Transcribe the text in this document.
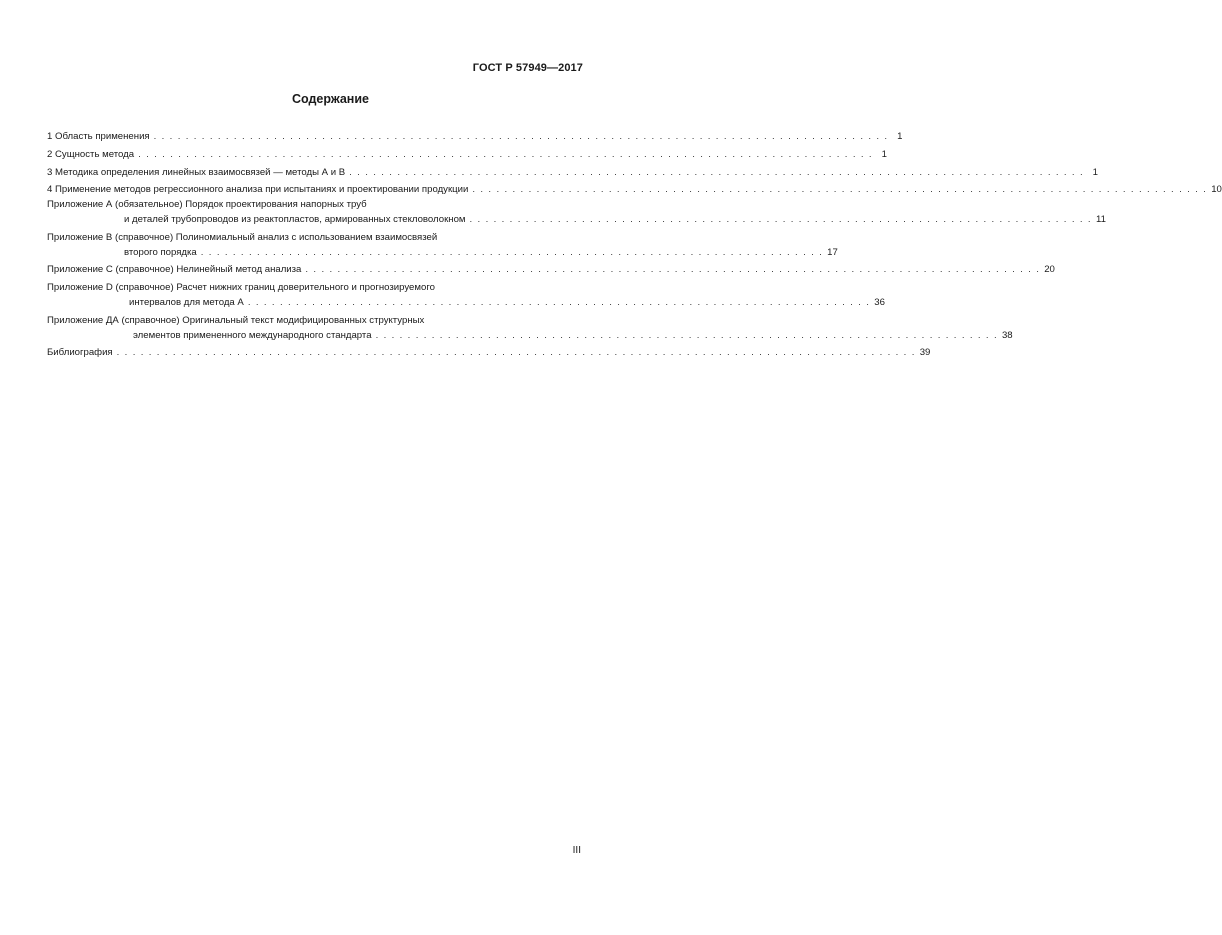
ГОСТ Р 57949—2017
Содержание
1 Область применения . . . . . . . . . . . . . . . . . . . . . . . . . . . . . . . . . . . . . . . . . . . . . . . . . . . . . . . . . . . . . . . . . . . . . . . . . . . . . . . . . . . . . . . . . . . . 1
2 Сущность метода . . . . . . . . . . . . . . . . . . . . . . . . . . . . . . . . . . . . . . . . . . . . . . . . . . . . . . . . . . . . . . . . . . . . . . . . . . . . . . . . . . . . . . . . . . . . 1
3 Методика определения линейных взаимосвязей — методы А и В . . . . . . . . . . . . . . . . . . . . . . . . . . . . . . . . . . . . . . . . . . . . . . . . . . . . . . . . . . . . . . . . . . . . . . . . . . . . . . . . . . . . . . . . . . . . 1
4 Применение методов регрессионного анализа при испытаниях и проектировании продукции . . . . . . . . . . . . . . . . . . . . . . . . . . . . . . . . . . . . . . . . . . . . . . . . . . . . . . . . . . . . . . . . . . . . . . . . . . . . . . . . . . . . . . . . . . . . 10
Приложение А (обязательное) Порядок проектирования напорных труб
и деталей трубопроводов из реактопластов, армированных стекловолокном . . . . . . . . . . . . . . . . . . . . . . . . . . . . . . . . . . . . . . . . . . . . . . . . . . . . . . . . . . . . . . . . . . . . . . . . . . . . . . 11
Приложение В (справочное) Полиномиальный анализ с использованием взаимосвязей
второго порядка . . . . . . . . . . . . . . . . . . . . . . . . . . . . . . . . . . . . . . . . . . . . . . . . . . . . . . . . . . . . . . . . . . . . . . . . . . . . . . 17
Приложение С (справочное) Нелинейный метод анализа . . . . . . . . . . . . . . . . . . . . . . . . . . . . . . . . . . . . . . . . . . . . . . . . . . . . . . . . . . . . . . . . . . . . . . . . . . . . . . . . . . . . . . . . . . . . 20
Приложение D (справочное) Расчет нижних границ доверительного и прогнозируемого
интервалов для метода А . . . . . . . . . . . . . . . . . . . . . . . . . . . . . . . . . . . . . . . . . . . . . . . . . . . . . . . . . . . . . . . . . . . . . . . . . . . . . . 36
Приложение ДА (справочное) Оригинальный текст модифицированных структурных
элементов примененного международного стандарта . . . . . . . . . . . . . . . . . . . . . . . . . . . . . . . . . . . . . . . . . . . . . . . . . . . . . . . . . . . . . . . . . . . . . . . . . . . . . . 38
Библиография . . . . . . . . . . . . . . . . . . . . . . . . . . . . . . . . . . . . . . . . . . . . . . . . . . . . . . . . . . . . . . . . . . . . . . . . . . . . . . . . . . . . . . . . . . . . . . . . . . . . 39
III
